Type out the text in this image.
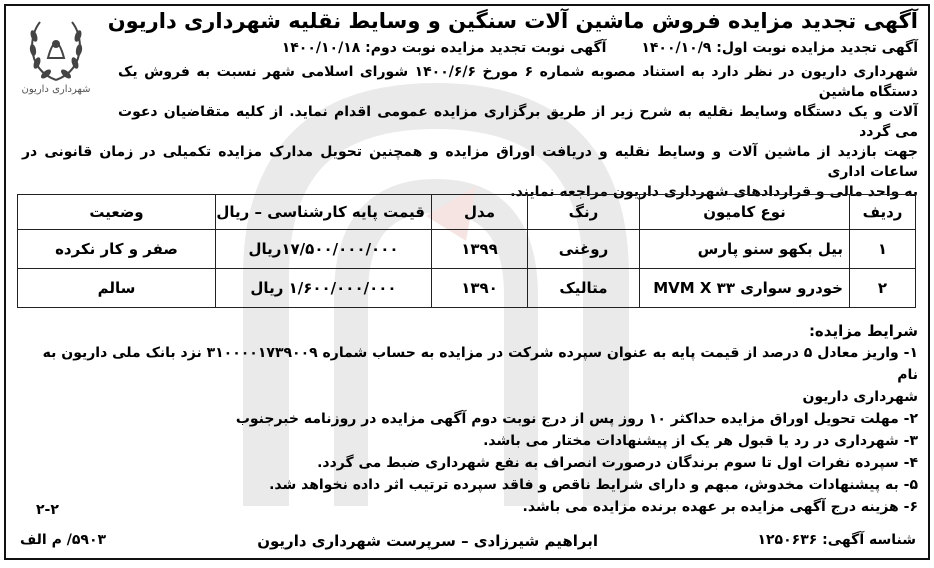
شهرداری داریون
آگهی تجدید مزایده فروش ماشین آلات سنگین و وسایط نقلیه شهرداری داریون
آگهی تجدید مزایده نوبت اول: ۱۴۰۰/۱۰/۹ آگهی نوبت تجدید مزایده نوبت دوم: ۱۴۰۰/۱۰/۱۸
شهرداری داریون در نظر دارد به استناد مصوبه شماره ۶ مورخ ۱۴۰۰/۶/۶ شورای اسلامی شهر نسبت به فروش یک دستگاه ماشین
آلات و یک دستگاه وسایط نقلیه به شرح زیر از طریق برگزاری مزایده عمومی اقدام نماید. از کلیه متقاضیان دعوت می گردد
جهت بازدید از ماشین آلات و وسایط نقلیه و دریافت اوراق مزایده و همچنین تحویل مدارک مزایده تکمیلی در زمان قانونی در ساعات اداری
به واحد مالی و قراردادهای شهرداری داریون مراجعه نمایند.
ردیف	نوع کامیون	رنگ	مدل	قیمت پایه کارشناسی – ریال	وضعیت
۱	بیل بکهو سنو پارس	روغنی	۱۳۹۹	۱۷/۵۰۰/۰۰۰/۰۰۰ریال	صفر و کار نکرده
۲	خودرو سواری MVM X ۳۳	متالیک	۱۳۹۰	۱/۶۰۰/۰۰۰/۰۰۰ ریال	سالم

شرایط مزایده:

۱- واریز معادل ۵ درصد از قیمت پایه به عنوان سپرده شرکت در مزایده به حساب شماره ۳۱۰۰۰۰۱۷۳۹۰۰۹ نزد بانک ملی داریون به نام

شهرداری داریون

۲- مهلت تحویل اوراق مزایده حداکثر ۱۰ روز پس از درج نوبت دوم آگهی مزایده در روزنامه خبرجنوب

۳- شهرداری در رد یا قبول هر یک از پیشنهادات مختار می باشد.

۴- سپرده نفرات اول تا سوم برندگان درصورت انصراف به نفع شهرداری ضبط می گردد.

۵- به پیشنهادات مخدوش، مبهم و دارای شرایط ناقص و فاقد سپرده ترتیب اثر داده نخواهد شد.

۶- هزینه درج آگهی مزایده بر عهده برنده مزایده می باشد.

۲-۲
شناسه آگهی: ۱۲۵۰۶۳۶
ابراهیم شیرزادی – سرپرست شهرداری داریون
۵۹۰۳/ م الف
